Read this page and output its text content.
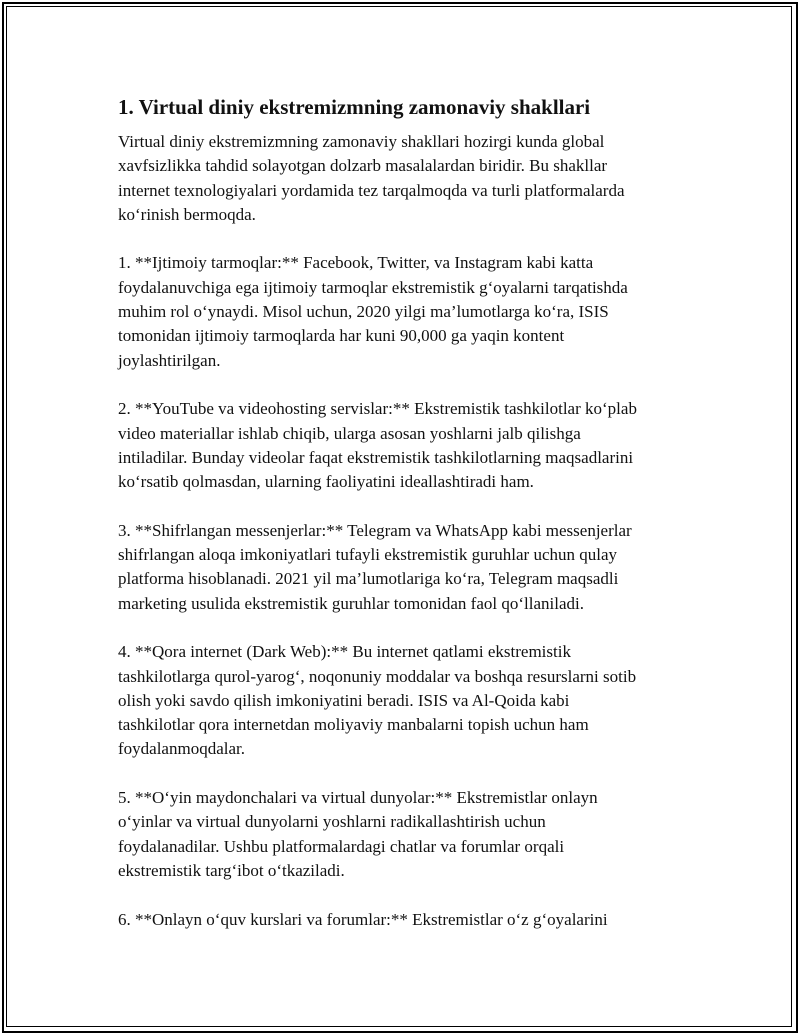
1. Virtual diniy ekstremizmning zamonaviy shakllari

Virtual diniy ekstremizmning zamonaviy shakllari hozirgi kunda global
xavfsizlikka tahdid solayotgan dolzarb masalalardan biridir. Bu shakllar
internet texnologiyalari yordamida tez tarqalmoqda va turli platformalarda
ko‘rinish bermoqda.

1. **Ijtimoiy tarmoqlar:** Facebook, Twitter, va Instagram kabi katta
foydalanuvchiga ega ijtimoiy tarmoqlar ekstremistik g‘oyalarni tarqatishda
muhim rol o‘ynaydi. Misol uchun, 2020 yilgi ma’lumotlarga ko‘ra, ISIS
tomonidan ijtimoiy tarmoqlarda har kuni 90,000 ga yaqin kontent
joylashtirilgan.

2. **YouTube va videohosting servislar:** Ekstremistik tashkilotlar ko‘plab
video materiallar ishlab chiqib, ularga asosan yoshlarni jalb qilishga
intiladilar. Bunday videolar faqat ekstremistik tashkilotlarning maqsadlarini
ko‘rsatib qolmasdan, ularning faoliyatini ideallashtiradi ham.

3. **Shifrlangan messenjerlar:** Telegram va WhatsApp kabi messenjerlar
shifrlangan aloqa imkoniyatlari tufayli ekstremistik guruhlar uchun qulay
platforma hisoblanadi. 2021 yil ma’lumotlariga ko‘ra, Telegram maqsadli
marketing usulida ekstremistik guruhlar tomonidan faol qo‘llaniladi.

4. **Qora internet (Dark Web):** Bu internet qatlami ekstremistik
tashkilotlarga qurol-yarog‘, noqonuniy moddalar va boshqa resurslarni sotib
olish yoki savdo qilish imkoniyatini beradi. ISIS va Al-Qoida kabi
tashkilotlar qora internetdan moliyaviy manbalarni topish uchun ham
foydalanmoqdalar.

5. **O‘yin maydonchalari va virtual dunyolar:** Ekstremistlar onlayn
o‘yinlar va virtual dunyolarni yoshlarni radikallashtirish uchun
foydalanadilar. Ushbu platformalardagi chatlar va forumlar orqali
ekstremistik targ‘ibot o‘tkaziladi.

6. **Onlayn o‘quv kurslari va forumlar:** Ekstremistlar o‘z g‘oyalarini
